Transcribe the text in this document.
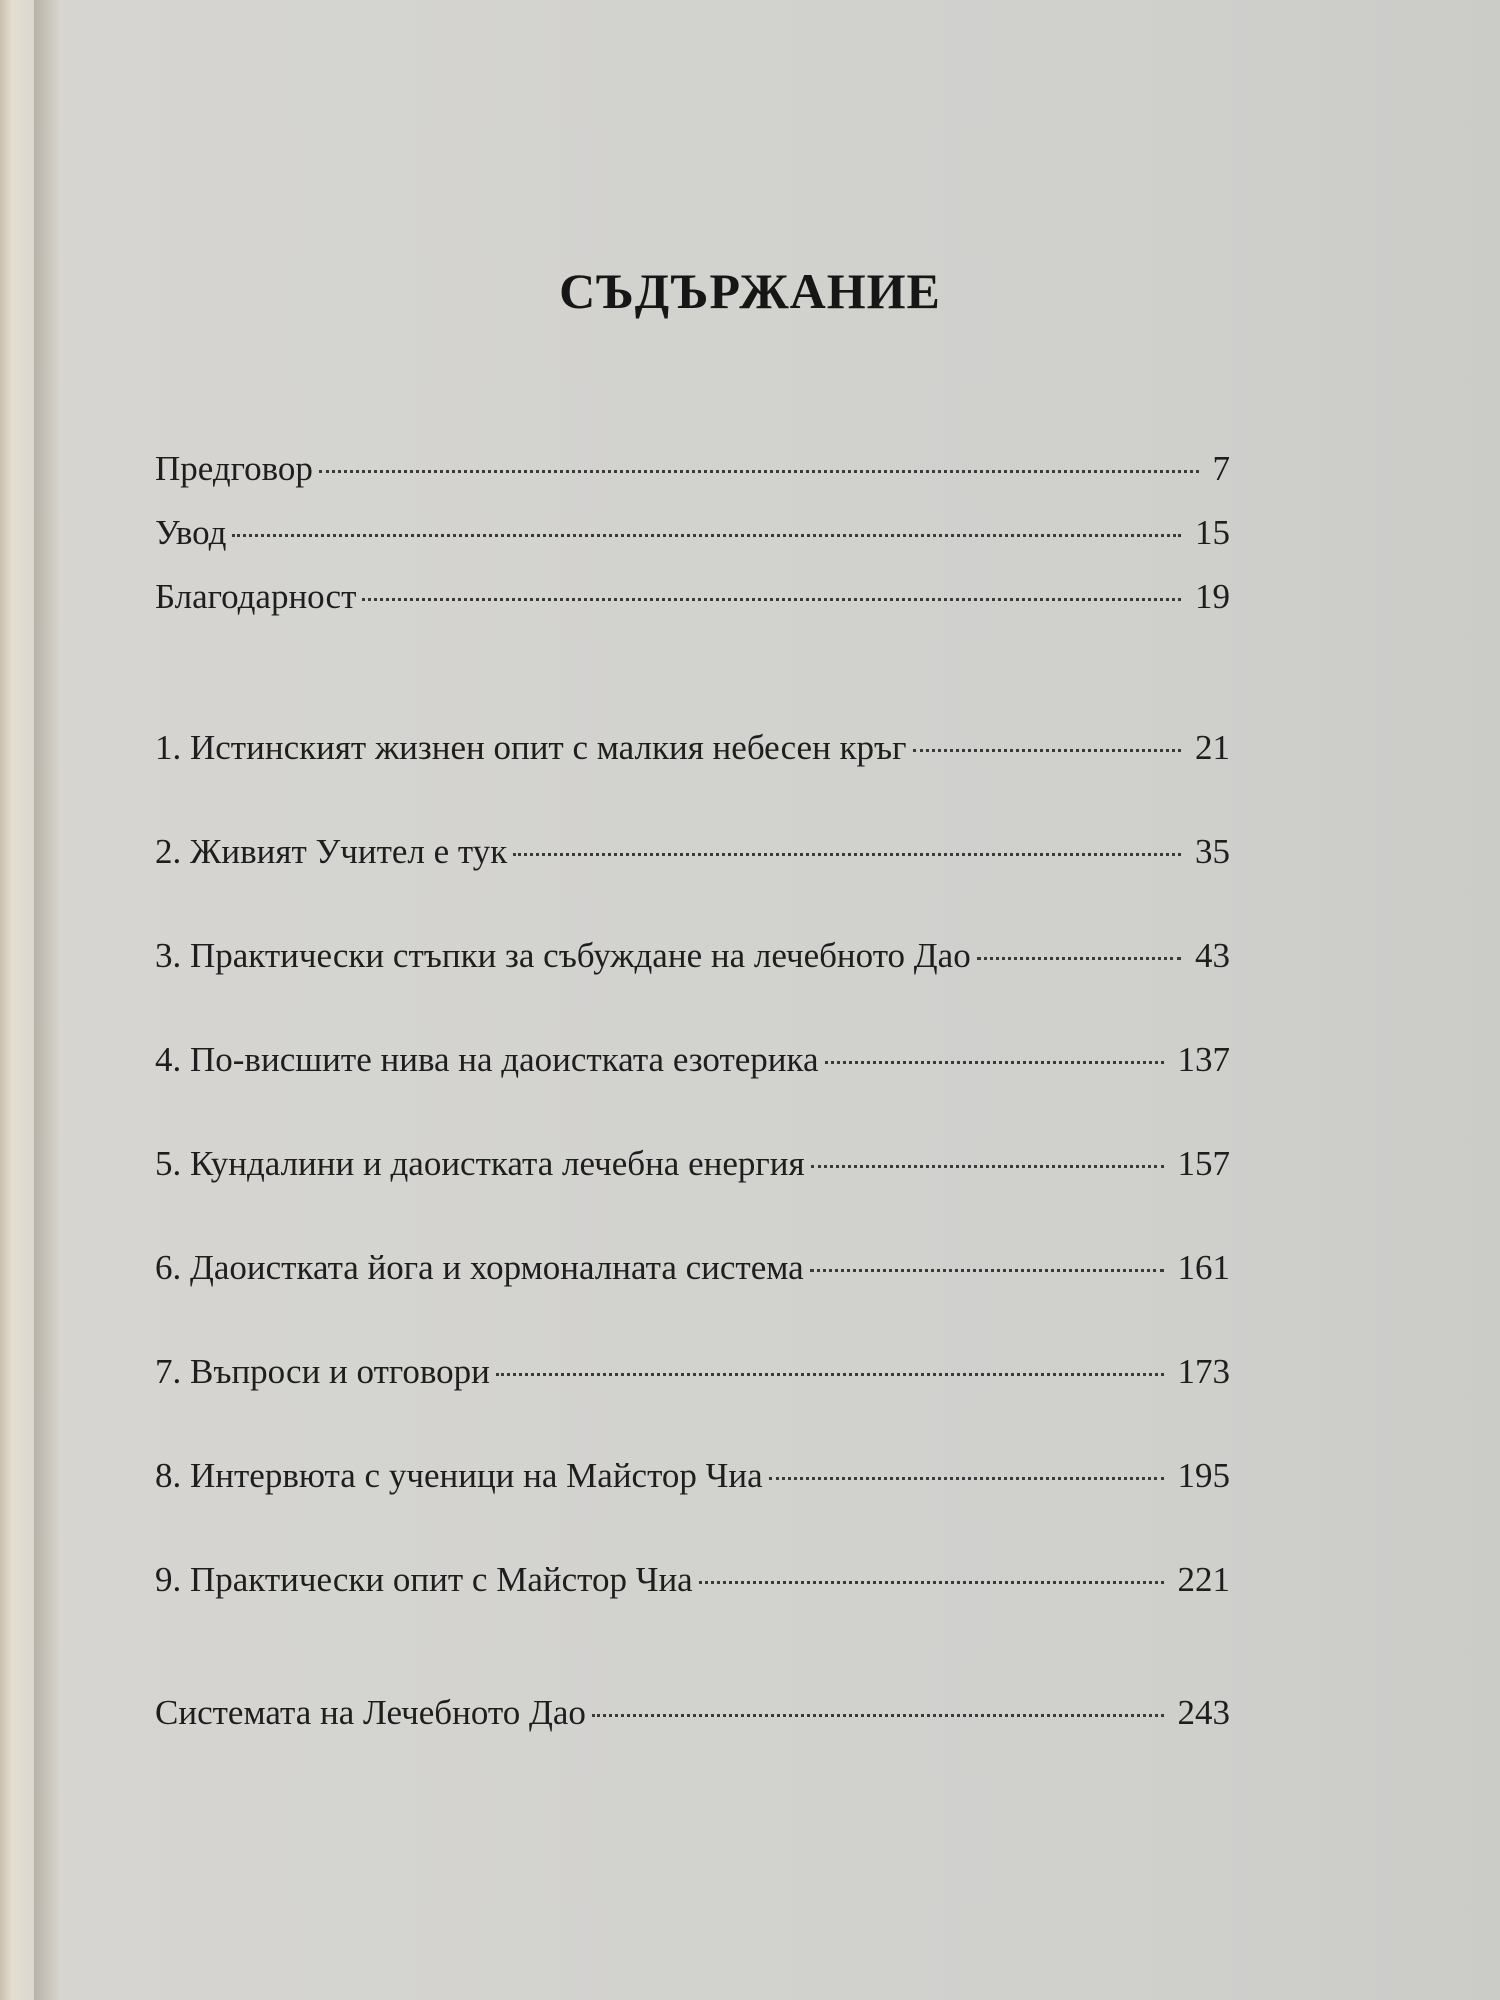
СЪДЪРЖАНИЕ
Предговор	7
Увод	15
Благодарност	19
1. Истинският жизнен опит с малкия небесен кръг	21
2. Живият Учител е тук	35
3. Практически стъпки за събуждане на лечебното Дао	43
4. По-висшите нива на даоистката езотерика	137
5. Кундалини и даоистката лечебна енергия	157
6. Даоистката йога и хормоналната система	161
7. Въпроси и отговори	173
8. Интервюта с ученици на Майстор Чиа	195
9. Практически опит с Майстор Чиа	221
Системата на Лечебното Дао	243
